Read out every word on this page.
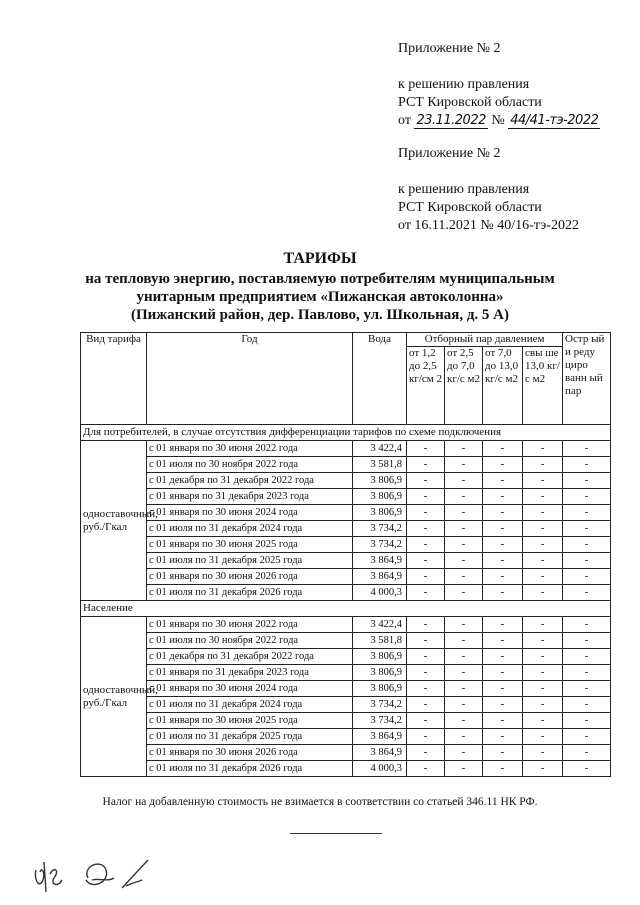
Приложение № 2
к решению правления
РСТ Кировской области
от 23.11.2022 № 44/41-тэ-2022
Приложение № 2
к решению правления
РСТ Кировской области
от 16.11.2021 № 40/16-тэ-2022
ТАРИФЫ
на тепловую энергию, поставляемую потребителям муниципальным
унитарным предприятием «Пижанская автоколонна»
(Пижанский район, дер. Павлово, ул. Школьная, д. 5 А)
Вид тарифа	Год	Вода	Отборный пар давлением				Остр ый и реду циро ванн ый пар
			от 1,2 до 2,5 кг/см 2	от 2,5 до 7,0 кг/с м2	от 7,0 до 13,0 кг/с м2	свы ше 13,0 кг/с м2	
Для потребителей, в случае отсутствия дифференциации тарифов по схеме подключения							
одноставочный, руб./Гкал	с 01 января по 30 июня 2022 года	3 422,4	-	-	-	-	-
	с 01 июля по 30 ноября 2022 года	3 581,8	-	-	-	-	-
	с 01 декабря по 31 декабря 2022 года	3 806,9	-	-	-	-	-
	с 01 января по 31 декабря 2023 года	3 806,9	-	-	-	-	-
	с 01 января по 30 июня 2024 года	3 806,9	-	-	-	-	-
	с 01 июля по 31 декабря 2024 года	3 734,2	-	-	-	-	-
	с 01 января по 30 июня 2025 года	3 734,2	-	-	-	-	-
	с 01 июля по 31 декабря 2025 года	3 864,9	-	-	-	-	-
	с 01 января по 30 июня 2026 года	3 864,9	-	-	-	-	-
	с 01 июля по 31 декабря 2026 года	4 000,3	-	-	-	-	-
Население							
одноставочный, руб./Гкал	с 01 января по 30 июня 2022 года	3 422,4	-	-	-	-	-
	с 01 июля по 30 ноября 2022 года	3 581,8	-	-	-	-	-
	с 01 декабря по 31 декабря 2022 года	3 806,9	-	-	-	-	-
	с 01 января по 31 декабря 2023 года	3 806,9	-	-	-	-	-
	с 01 января по 30 июня 2024 года	3 806,9	-	-	-	-	-
	с 01 июля по 31 декабря 2024 года	3 734,2	-	-	-	-	-
	с 01 января по 30 июня 2025 года	3 734,2	-	-	-	-	-
	с 01 июля по 31 декабря 2025 года	3 864,9	-	-	-	-	-
	с 01 января по 30 июня 2026 года	3 864,9	-	-	-	-	-
	с 01 июля по 31 декабря 2026 года	4 000,3	-	-	-	-	-
Налог на добавленную стоимость не взимается в соответствии со статьей 346.11 НК РФ.
